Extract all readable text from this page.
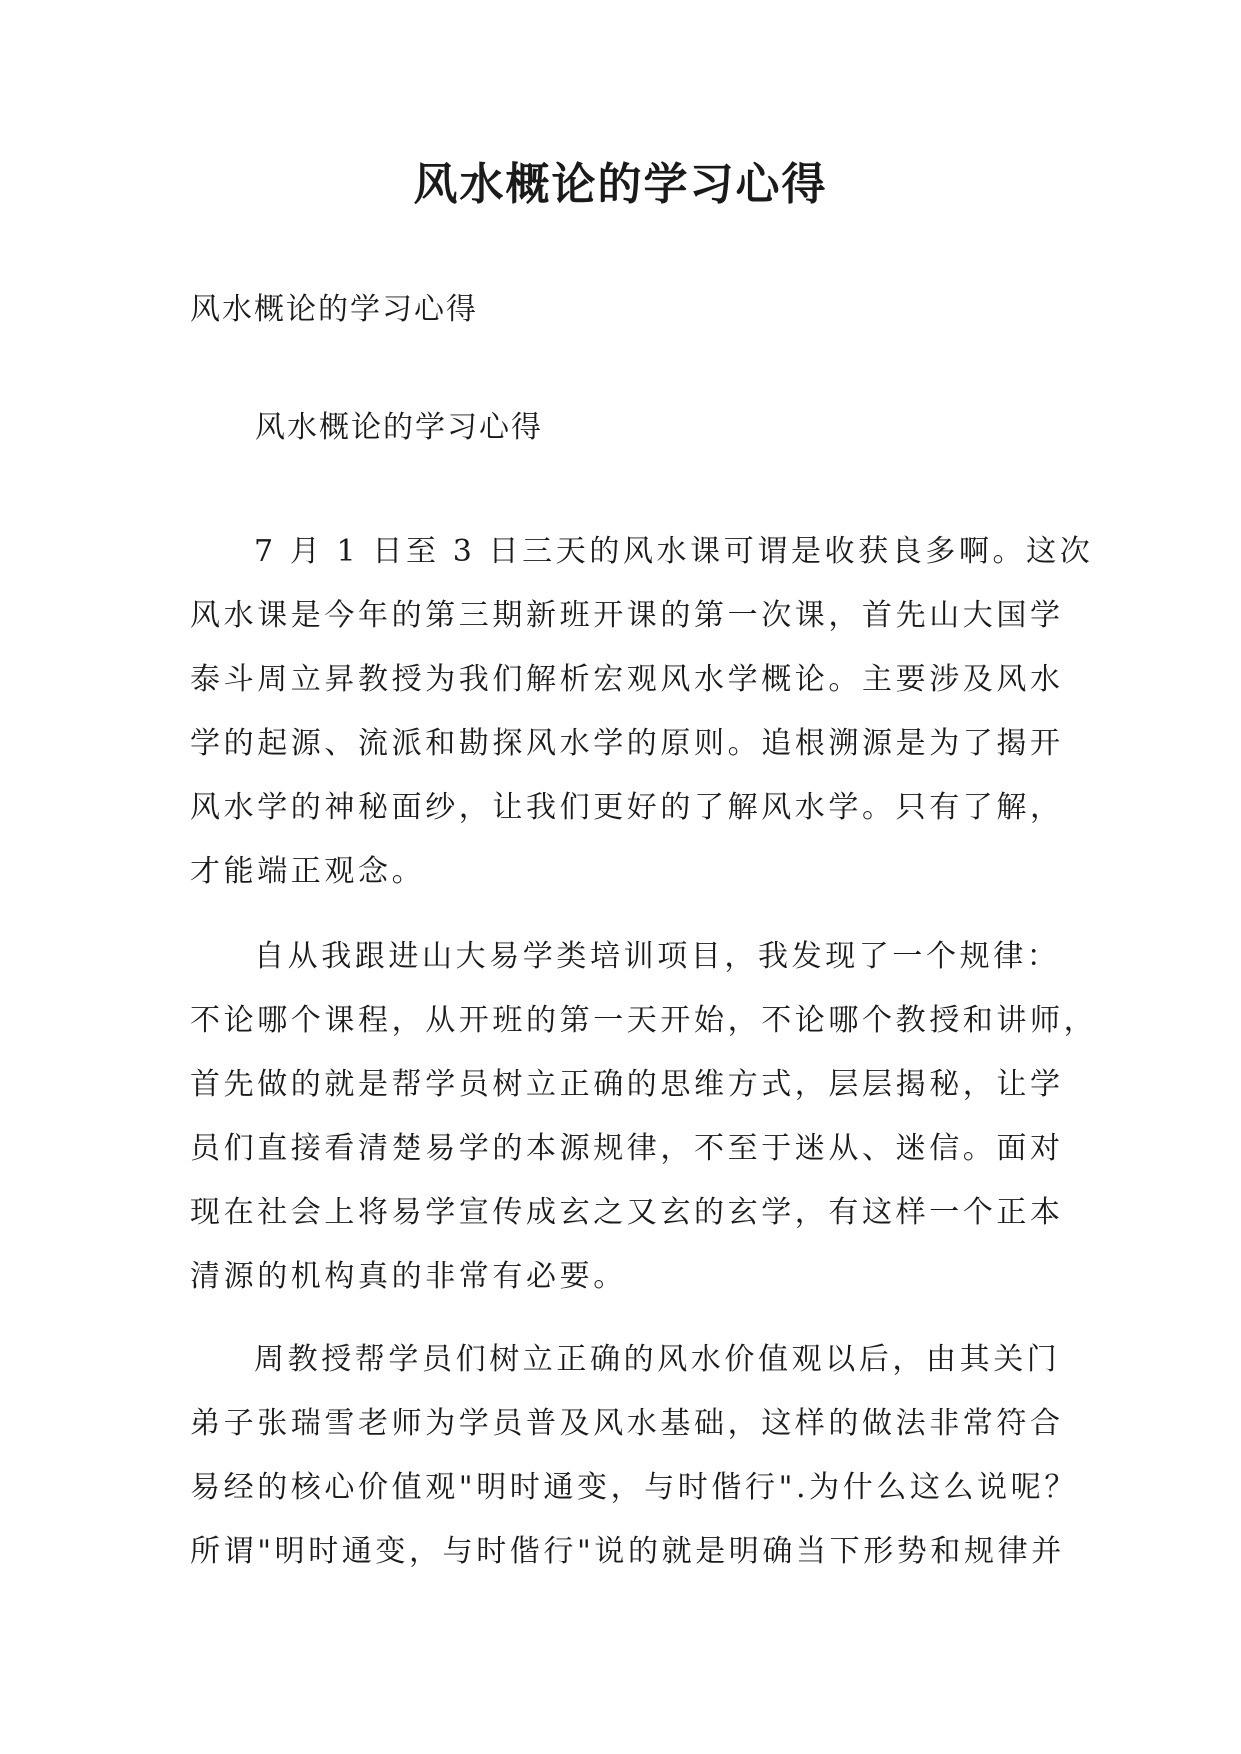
风水概论的学习心得

风水概论的学习心得

风水概论的学习心得

7 月 1 日至 3 日三天的风水课可谓是收获良多啊。这次
风水课是今年的第三期新班开课的第一次课，首先山大国学
泰斗周立昇教授为我们解析宏观风水学概论。主要涉及风水
学的起源、流派和勘探风水学的原则。追根溯源是为了揭开
风水学的神秘面纱，让我们更好的了解风水学。只有了解，
才能端正观念。
自从我跟进山大易学类培训项目，我发现了一个规律：
不论哪个课程，从开班的第一天开始，不论哪个教授和讲师，
首先做的就是帮学员树立正确的思维方式，层层揭秘，让学
员们直接看清楚易学的本源规律，不至于迷从、迷信。面对
现在社会上将易学宣传成玄之又玄的玄学，有这样一个正本
清源的机构真的非常有必要。
周教授帮学员们树立正确的风水价值观以后，由其关门
弟子张瑞雪老师为学员普及风水基础，这样的做法非常符合
易经的核心价值观"明时通变，与时偕行".为什么这么说呢？
所谓"明时通变，与时偕行"说的就是明确当下形势和规律并
